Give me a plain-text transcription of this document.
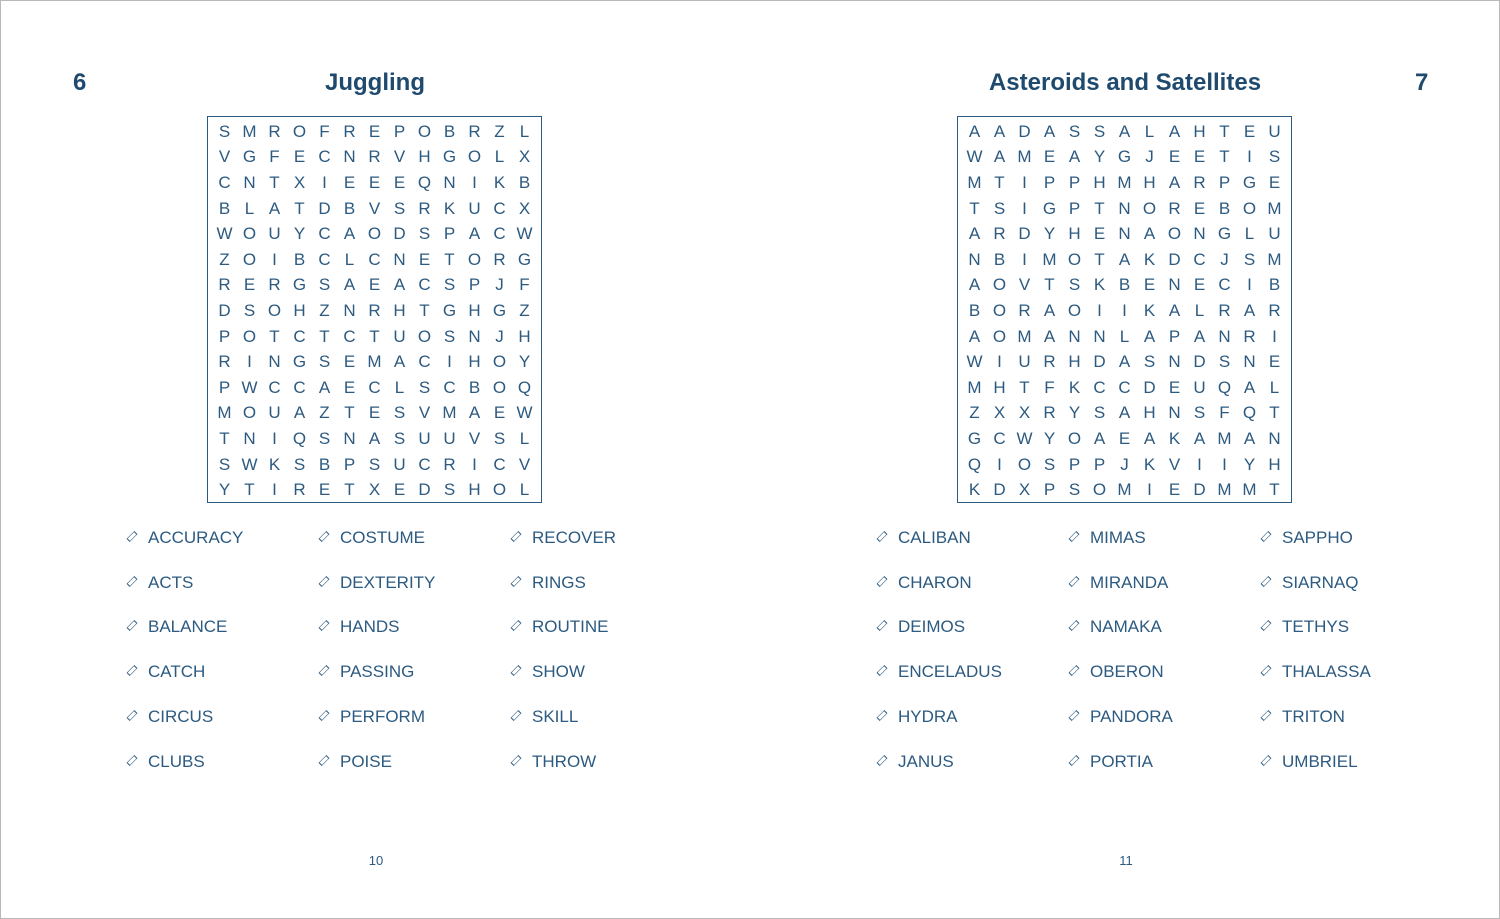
6	Juggling
S M R O F R E P O B R Z L
V G F E C N R V H G O L X
C N T X I E E E Q N I K B
B L A T D B V S R K U C X
W O U Y C A O D S P A C W
Z O I B C L C N E T O R G
R E R G S A E A C S P J F
D S O H Z N R H T G H G Z
P O T C T C T U O S N J H
R I N G S E M A C I H O Y
P W C C A E C L S C B O Q
M O U A Z T E S V M A E W
T N I Q S N A S U U V S L
S W K S B P S U C R I C V
Y T	I R E T X E D S H O L
ACCURACY
ACTS
BALANCE
CATCH
CIRCUS
CLUBS
COSTUME
DEXTERITY
HANDS
PASSING
PERFORM
POISE
RECOVER
RINGS
ROUTINE
SHOW
SKILL
THROW
10
7
Asteroids and Satellites
A A D A S S A L A H T E U
W A M E A Y G J E E T	I S
M T	I P P H M H A R P G E
T S I G P T N O R E B O M
A R D Y H E N A O N G L U
N B I M O T A K D C J S M
A O V T S K B E N E C I B
B O R A O I	I K A L R A R
A O M A N N L A P A N R I
W I U R H D A S N D S N E
M H T F K C C D E U Q A L
Z X X R Y S A H N S F Q T
G C W Y O A E A K A M A N
Q I O S P P J K V I	I Y H
K D X P S O M I E D M M T
CALIBAN
CHARON
DEIMOS
ENCELADUS
HYDRA
JANUS
MIMAS
MIRANDA
NAMAKA
OBERON
PANDORA
PORTIA
SAPPHO
SIARNAQ
TETHYS
THALASSA
TRITON
UMBRIEL
11
